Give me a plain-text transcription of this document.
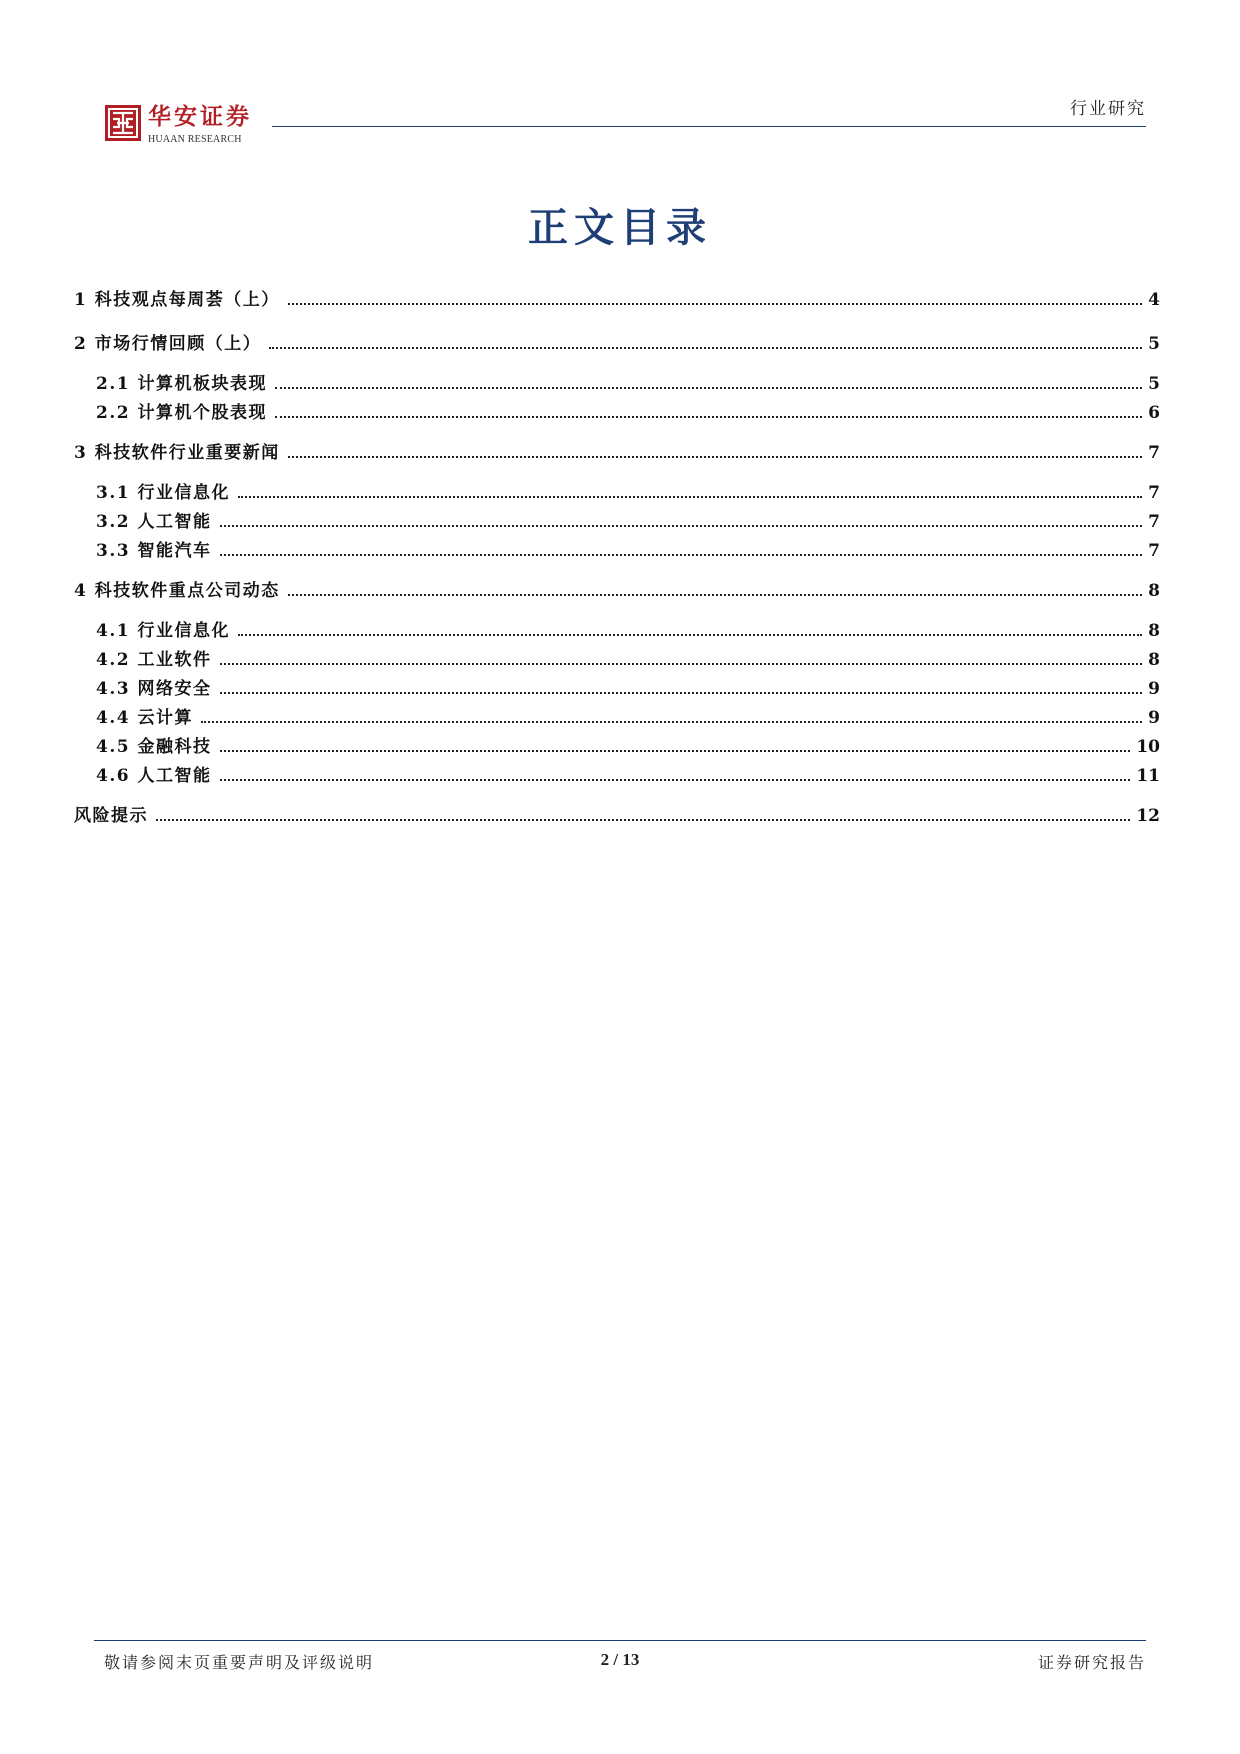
华安证券
HUAAN RESEARCH
行业研究
正文目录
1 科技观点每周荟（上）	4
2 市场行情回顾（上）	5
2.1 计算机板块表现	5
2.2 计算机个股表现	6
3 科技软件行业重要新闻	7
3.1 行业信息化	7
3.2 人工智能	7
3.3 智能汽车	7
4 科技软件重点公司动态	8
4.1 行业信息化	8
4.2 工业软件	8
4.3 网络安全	9
4.4 云计算	9
4.5 金融科技	10
4.6 人工智能	11
风险提示	12
敬请参阅末页重要声明及评级说明	2 / 13	证券研究报告
